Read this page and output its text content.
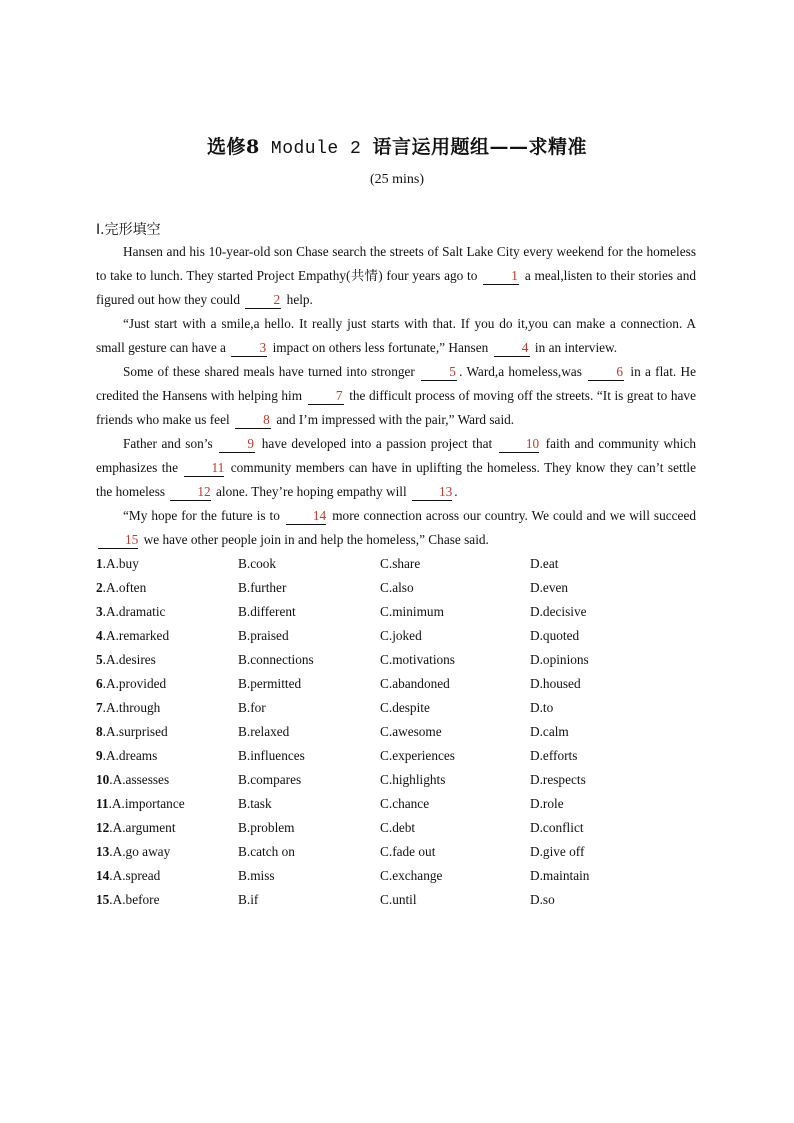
选修8 Module 2 语言运用题组——求精准
(25 mins)
Ⅰ.完形填空

Hansen and his 10-year-old son Chase search the streets of Salt Lake City every weekend for the homeless to take to lunch. They started Project Empathy(共情) four years ago to 1 a meal,listen to their stories and figured out how they could 2 help.

“Just start with a smile,a hello. It really just starts with that. If you do it,you can make a connection. A small gesture can have a 3 impact on others less fortunate,” Hansen 4 in an interview.

Some of these shared meals have turned into stronger 5 . Ward,a homeless,was 6 in a flat. He credited the Hansens with helping him 7 the difficult process of moving off the streets. “It is great to have friends who make us feel 8 and I’m impressed with the pair,” Ward said.

Father and son’s 9 have developed into a passion project that 10 faith and community which emphasizes the 11 community members can have in uplifting the homeless. They know they can’t settle the homeless 12 alone. They’re hoping empathy will 13 .

“My hope for the future is to 14 more connection across our country. We could and we will succeed 15 we have other people join in and help the homeless,” Chase said.

1.A.buy	B.cook	C.share	D.eat
2.A.often	B.further	C.also	D.even
3.A.dramatic	B.different	C.minimum	D.decisive
4.A.remarked	B.praised	C.joked	D.quoted
5.A.desires	B.connections	C.motivations	D.opinions
6.A.provided	B.permitted	C.abandoned	D.housed
7.A.through	B.for	C.despite	D.to
8.A.surprised	B.relaxed	C.awesome	D.calm
9.A.dreams	B.influences	C.experiences	D.efforts
10.A.assesses	B.compares	C.highlights	D.respects
11.A.importance	B.task	C.chance	D.role
12.A.argument	B.problem	C.debt	D.conflict
13.A.go away	B.catch on	C.fade out	D.give off
14.A.spread	B.miss	C.exchange	D.maintain
15.A.before	B.if	C.until	D.so
